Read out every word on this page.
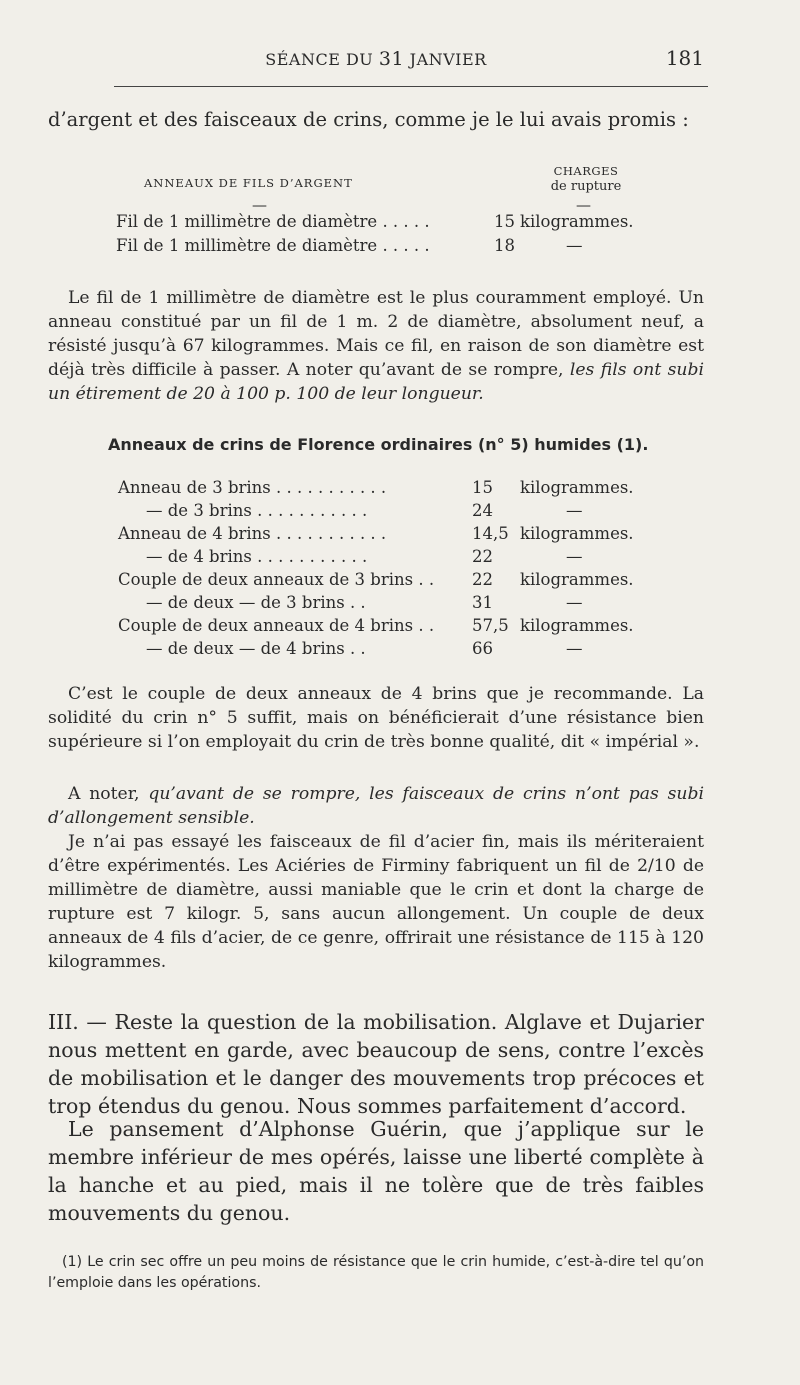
SÉANCE DU 31 JANVIER	181
d’argent et des faisceaux de crins, comme je le lui avais promis :
ANNEAUX DE FILS D’ARGENT
CHARGES
de rupture
—	—
Fil de 1 millimètre de diamètre . . . . .	15 kilogrammes.
Fil de 1 millimètre de diamètre . . . . .	18	—
Le fil de 1 millimètre de diamètre est le plus couramment employé. Un anneau constitué par un fil de 1 m. 2 de diamètre, absolument neuf, a résisté jusqu’à 67 kilogrammes. Mais ce fil, en raison de son diamètre est déjà très difficile à passer. A noter qu’avant de se rompre, les fils ont subi un étirement de 20 à 100 p. 100 de leur longueur.
Anneaux de crins de Florence ordinaires (n° 5) humides (1).
Anneau de 3 brins . . . . . . . . . . .	15 kilogrammes.
— de 3 brins . . . . . . . . . . .	24	—
Anneau de 4 brins . . . . . . . . . . .	14,5 kilogrammes.
— de 4 brins . . . . . . . . . . .	22	—
Couple de deux anneaux de 3 brins . . 22 kilogrammes.
— de deux — de 3 brins . .	31	—
Couple de deux anneaux de 4 brins . . 57,5 kilogrammes.
— de deux — de 4 brins . .	66	—
C’est le couple de deux anneaux de 4 brins que je recommande. La solidité du crin n° 5 suffit, mais on bénéficierait d’une résistance bien supérieure si l’on employait du crin de très bonne qualité, dit « impérial ».
A noter, qu’avant de se rompre, les faisceaux de crins n’ont pas subi d’allongement sensible.
Je n’ai pas essayé les faisceaux de fil d’acier fin, mais ils mériteraient d’être expérimentés. Les Aciéries de Firminy fabriquent un fil de 2/10 de millimètre de diamètre, aussi maniable que le crin et dont la charge de rupture est 7 kilogr. 5, sans aucun allongement. Un couple de deux anneaux de 4 fils d’acier, de ce genre, offrirait une résistance de 115 à 120 kilogrammes.
III. — Reste la question de la mobilisation. Alglave et Dujarier nous mettent en garde, avec beaucoup de sens, contre l’excès de mobilisation et le danger des mouvements trop précoces et trop étendus du genou. Nous sommes parfaitement d’accord.
Le pansement d’Alphonse Guérin, que j’applique sur le membre inférieur de mes opérés, laisse une liberté complète à la hanche et au pied, mais il ne tolère que de très faibles mouvements du genou.
(1) Le crin sec offre un peu moins de résistance que le crin humide, c’est-à-dire tel qu’on l’emploie dans les opérations.
